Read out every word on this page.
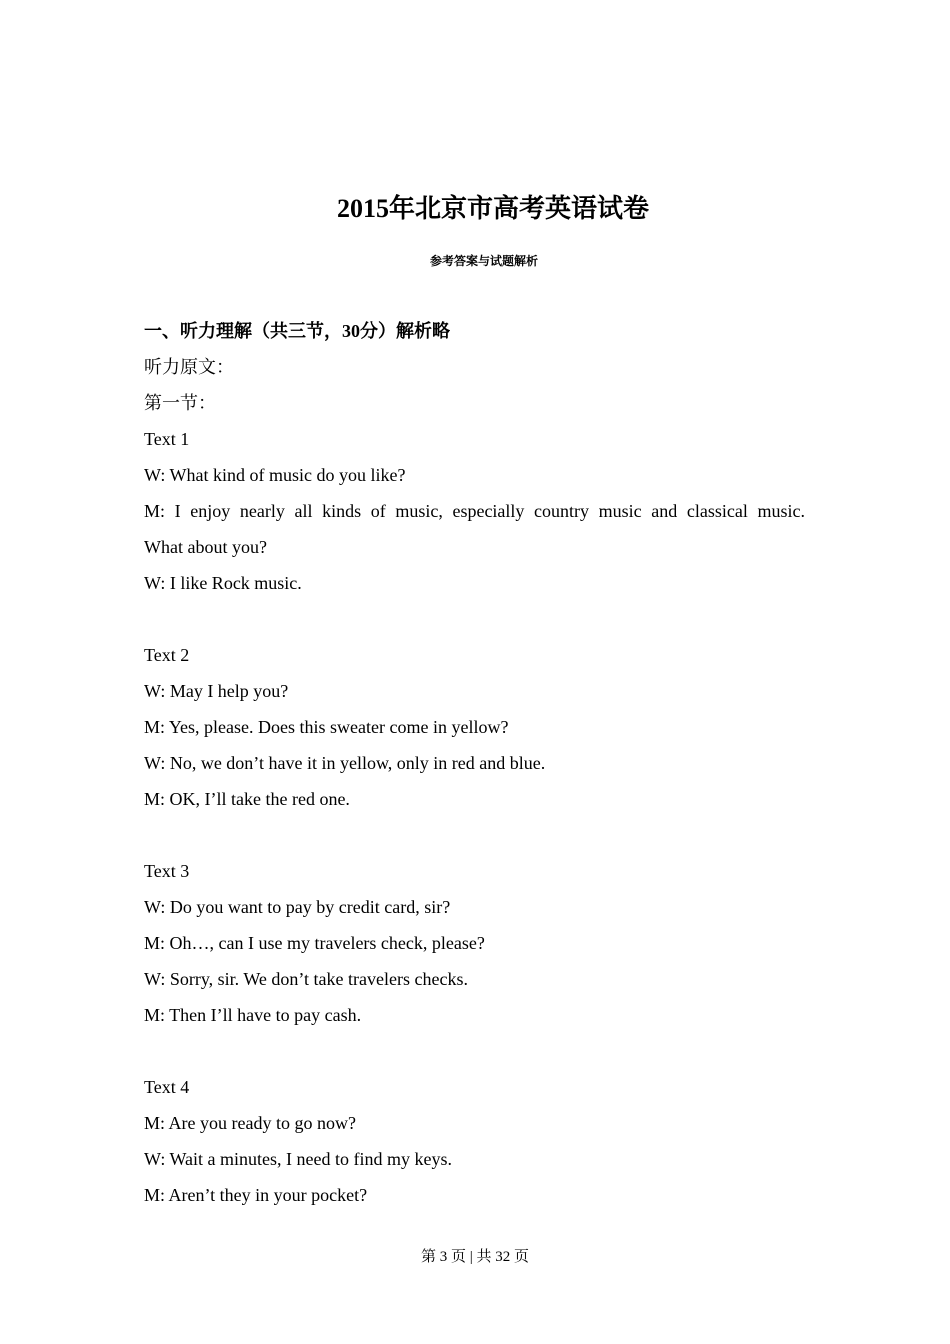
2015年北京市高考英语试卷
参考答案与试题解析
一、听力理解（共三节，30分）解析略
听力原文：
第一节：
Text 1
W: What kind of music do you like?
M: I enjoy nearly all kinds of music, especially country music and classical music.
What about you?
W: I like Rock music.
Text 2
W: May I help you?
M: Yes, please. Does this sweater come in yellow?
W: No, we don’t have it in yellow, only in red and blue.
M: OK, I’ll take the red one.
Text 3
W: Do you want to pay by credit card, sir?
M: Oh…, can I use my travelers check, please?
W: Sorry, sir. We don’t take travelers checks.
M: Then I’ll have to pay cash.
Text 4
M: Are you ready to go now?
W: Wait a minutes, I need to find my keys.
M: Aren’t they in your pocket?
第 3 页 | 共 32 页
